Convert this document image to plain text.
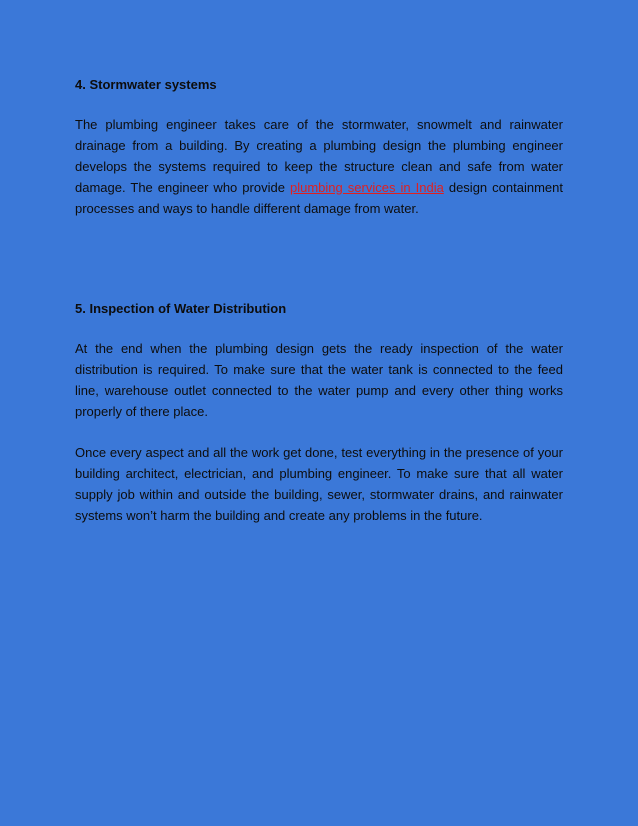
4. Stormwater systems

The plumbing engineer takes care of the stormwater, snowmelt and rainwater drainage from a building. By creating a plumbing design the plumbing engineer develops the systems required to keep the structure clean and safe from water damage. The engineer who provide plumbing services in India design containment processes and ways to handle different damage from water.

5. Inspection of Water Distribution

At the end when the plumbing design gets the ready inspection of the water distribution is required. To make sure that the water tank is connected to the feed line, warehouse outlet connected to the water pump and every other thing works properly of there place.

Once every aspect and all the work get done, test everything in the presence of your building architect, electrician, and plumbing engineer. To make sure that all water supply job within and outside the building, sewer, stormwater drains, and rainwater systems won’t harm the building and create any problems in the future.
